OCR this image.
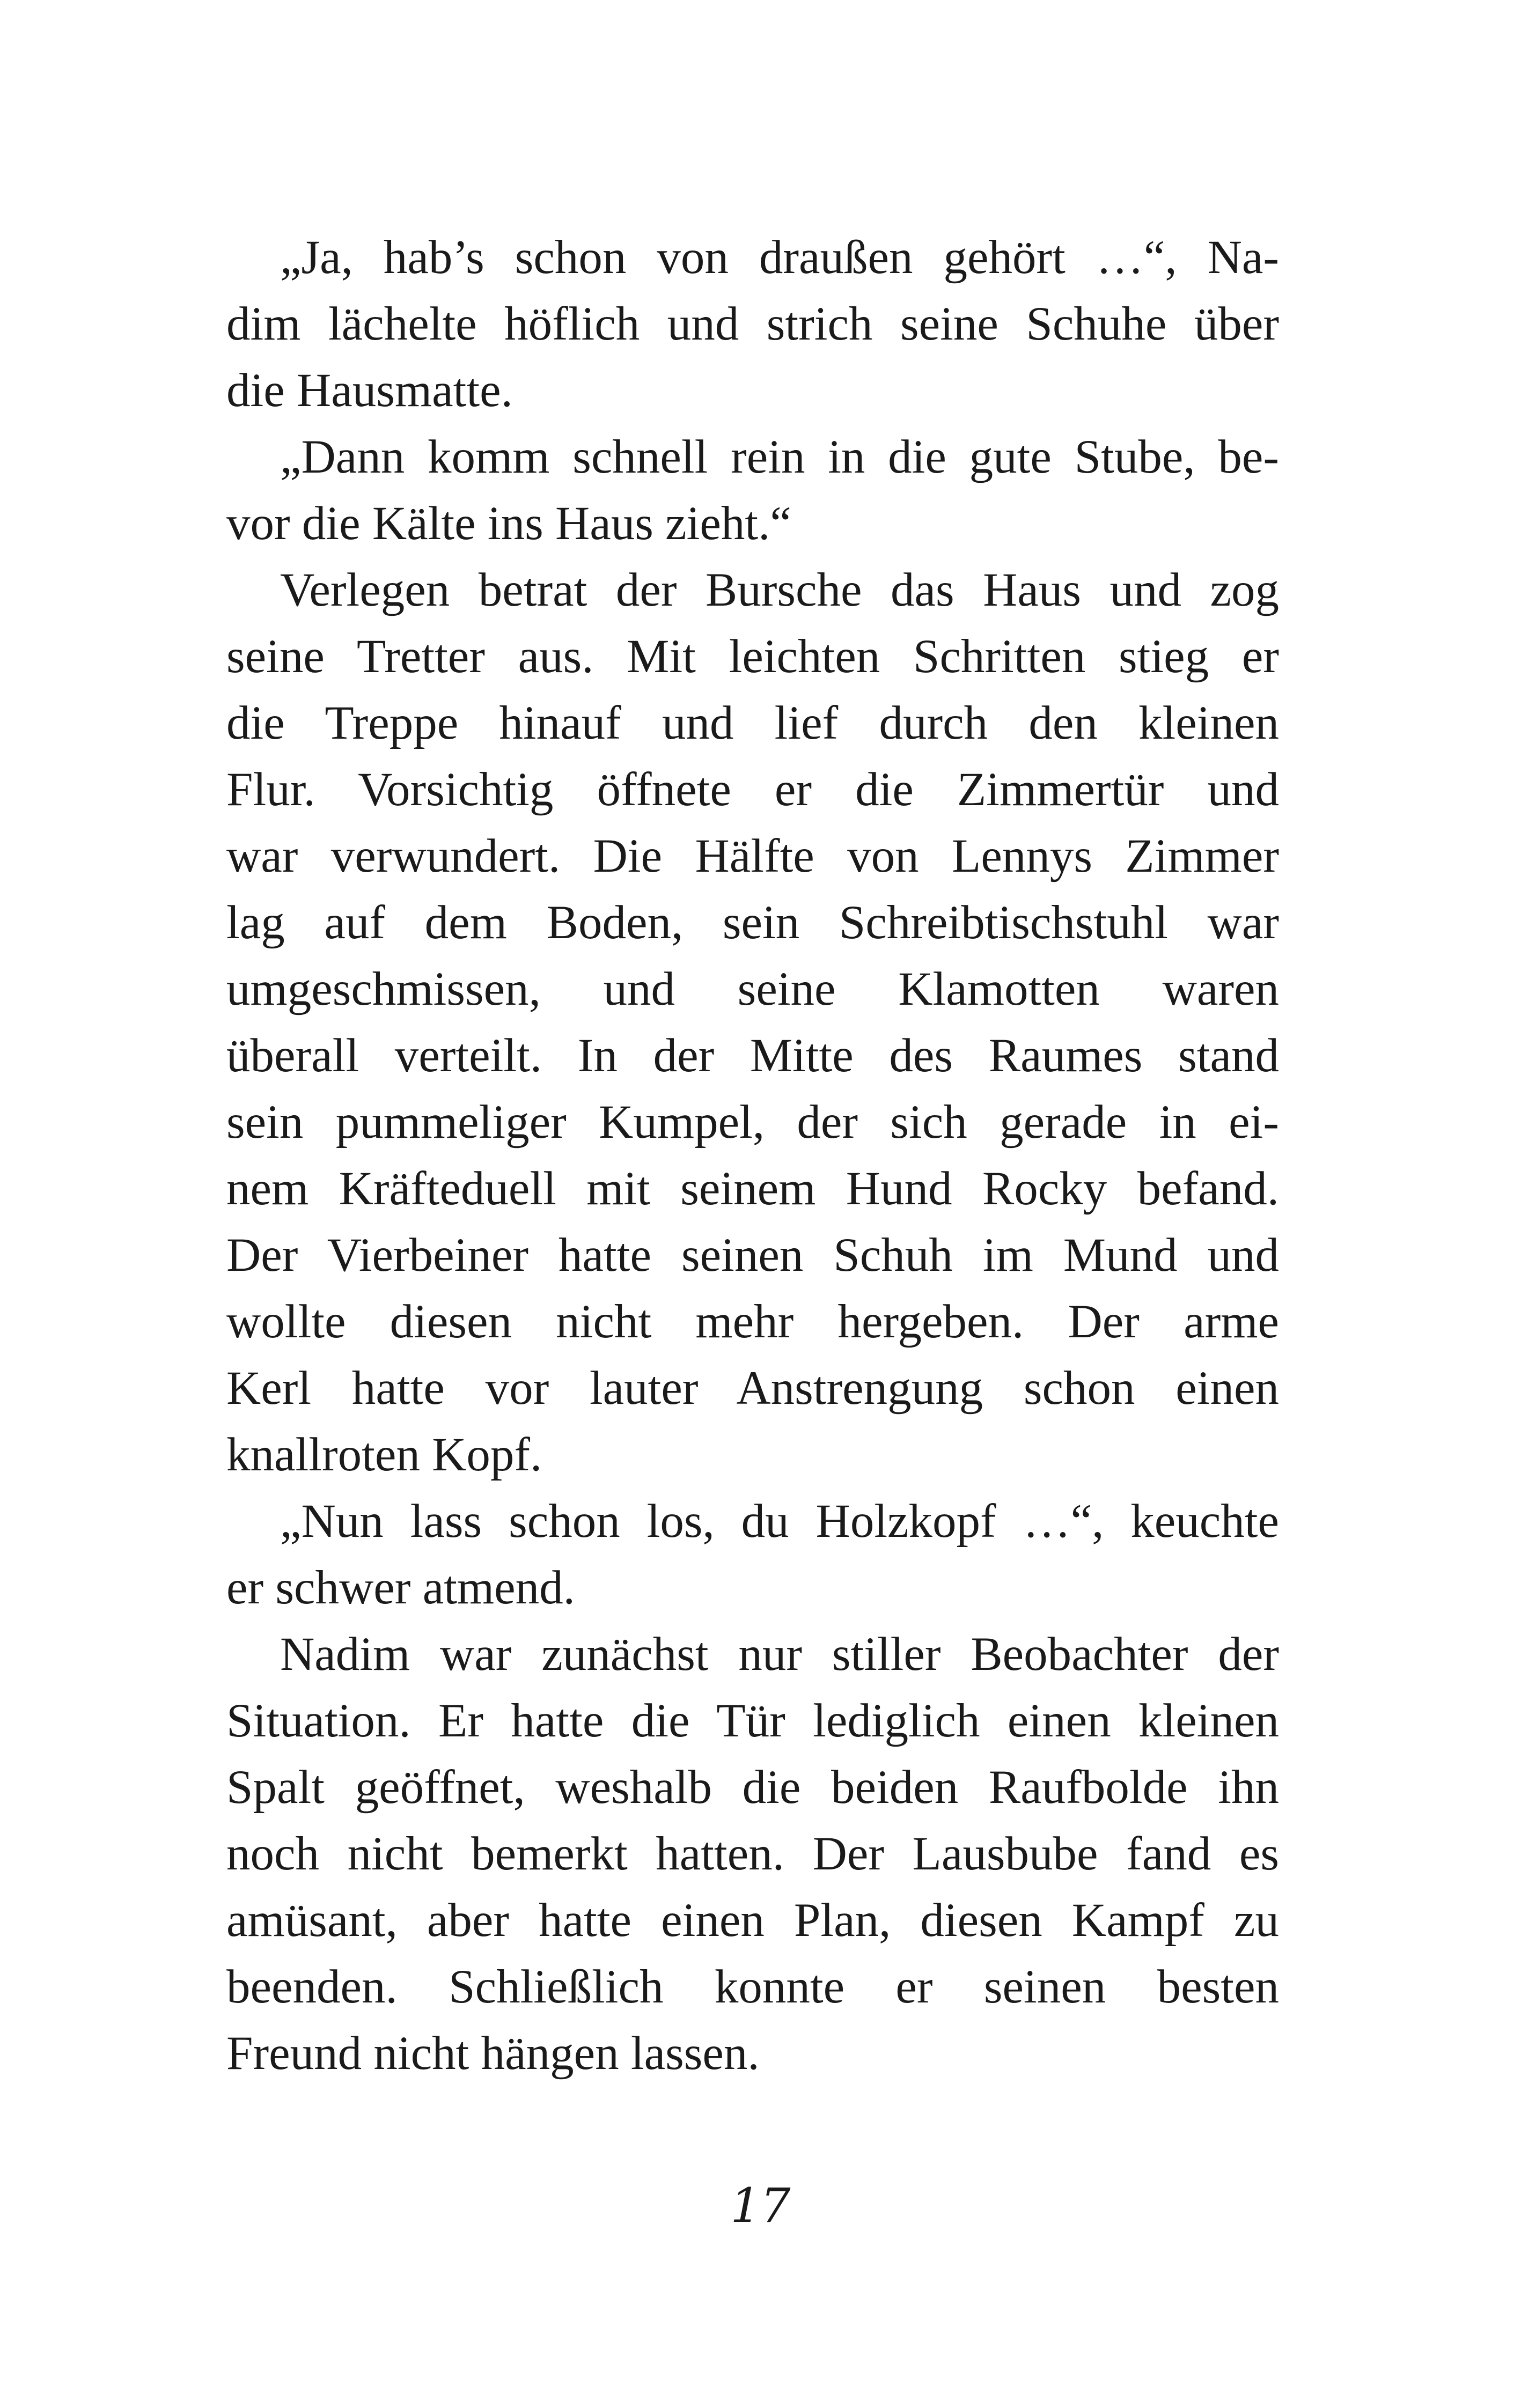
„Ja, hab’s schon von draußen gehört …“, Na-
dim lächelte höflich und strich seine Schuhe über
die Hausmatte.
„Dann komm schnell rein in die gute Stube, be-
vor die Kälte ins Haus zieht.“
Verlegen betrat der Bursche das Haus und zog
seine Tretter aus. Mit leichten Schritten stieg er
die Treppe hinauf und lief durch den kleinen
Flur. Vorsichtig öffnete er die Zimmertür und
war verwundert. Die Hälfte von Lennys Zimmer
lag auf dem Boden, sein Schreibtischstuhl war
umgeschmissen, und seine Klamotten waren
überall verteilt. In der Mitte des Raumes stand
sein pummeliger Kumpel, der sich gerade in ei-
nem Kräfteduell mit seinem Hund Rocky befand.
Der Vierbeiner hatte seinen Schuh im Mund und
wollte diesen nicht mehr hergeben. Der arme
Kerl hatte vor lauter Anstrengung schon einen
knallroten Kopf.
„Nun lass schon los, du Holzkopf …“, keuchte
er schwer atmend.
Nadim war zunächst nur stiller Beobachter der
Situation. Er hatte die Tür lediglich einen kleinen
Spalt geöffnet, weshalb die beiden Raufbolde ihn
noch nicht bemerkt hatten. Der Lausbube fand es
amüsant, aber hatte einen Plan, diesen Kampf zu
beenden. Schließlich konnte er seinen besten
Freund nicht hängen lassen.
17
